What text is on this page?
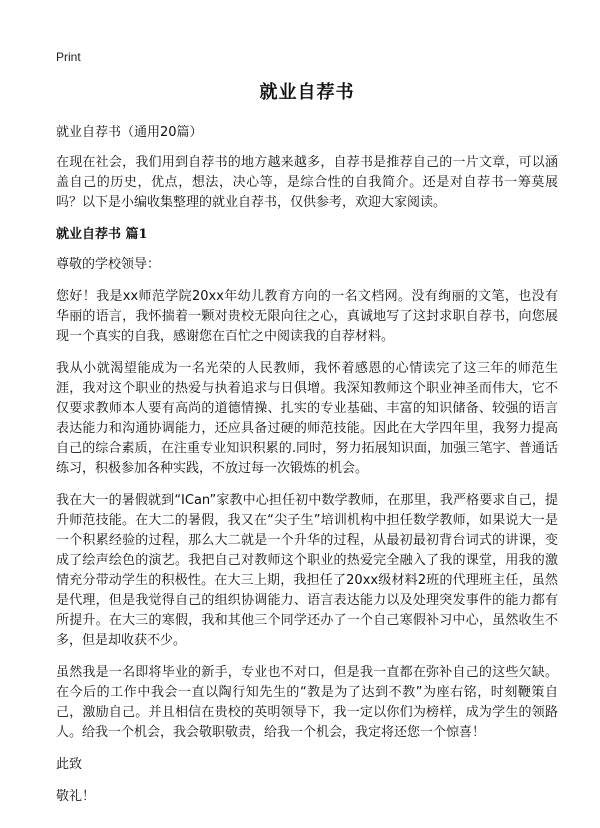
Print
就业自荐书
就业自荐书（通用20篇）

在现在社会，我们用到自荐书的地方越来越多，自荐书是推荐自己的一片文章，可以涵盖自己的历史，优点，想法，决心等，是综合性的自我简介。还是对自荐书一筹莫展吗？以下是小编收集整理的就业自荐书，仅供参考，欢迎大家阅读。

就业自荐书 篇1

尊敬的学校领导：

您好！我是xx师范学院20xx年幼儿教育方向的一名文档网。没有绚丽的文笔，也没有华丽的语言，我怀揣着一颗对贵校无限向往之心，真诚地写了这封求职自荐书，向您展现一个真实的自我，感谢您在百忙之中阅读我的自荐材料。

我从小就渴望能成为一名光荣的人民教师，我怀着感恩的心情读完了这三年的师范生涯，我对这个职业的热爱与执着追求与日俱增。我深知教师这个职业神圣而伟大，它不仅要求教师本人要有高尚的道德情操、扎实的专业基础、丰富的知识储备、较强的语言表达能力和沟通协调能力，还应具备过硬的师范技能。因此在大学四年里，我努力提高自己的综合素质，在注重专业知识积累的.同时，努力拓展知识面，加强三笔字、普通话练习，积极参加各种实践，不放过每一次锻炼的机会。

我在大一的暑假就到“ICan”家教中心担任初中数学教师，在那里，我严格要求自己，提升师范技能。在大二的暑假，我又在“尖子生”培训机构中担任数学教师，如果说大一是一个积累经验的过程，那么大二就是一个升华的过程，从最初最初背台词式的讲课，变成了绘声绘色的演艺。我把自己对教师这个职业的热爱完全融入了我的课堂，用我的激情充分带动学生的积极性。在大三上期，我担任了20xx级材料2班的代理班主任，虽然是代理，但是我觉得自己的组织协调能力、语言表达能力以及处理突发事件的能力都有所提升。在大三的寒假，我和其他三个同学还办了一个自己寒假补习中心，虽然收生不多，但是却收获不少。

虽然我是一名即将毕业的新手，专业也不对口，但是我一直都在弥补自己的这些欠缺。在今后的工作中我会一直以陶行知先生的“教是为了达到不教”为座右铭，时刻鞭策自己，激励自己。并且相信在贵校的英明领导下，我一定以你们为榜样，成为学生的领路人。给我一个机会，我会敬职敬责，给我一个机会，我定将还您一个惊喜！

此致
敬礼！
